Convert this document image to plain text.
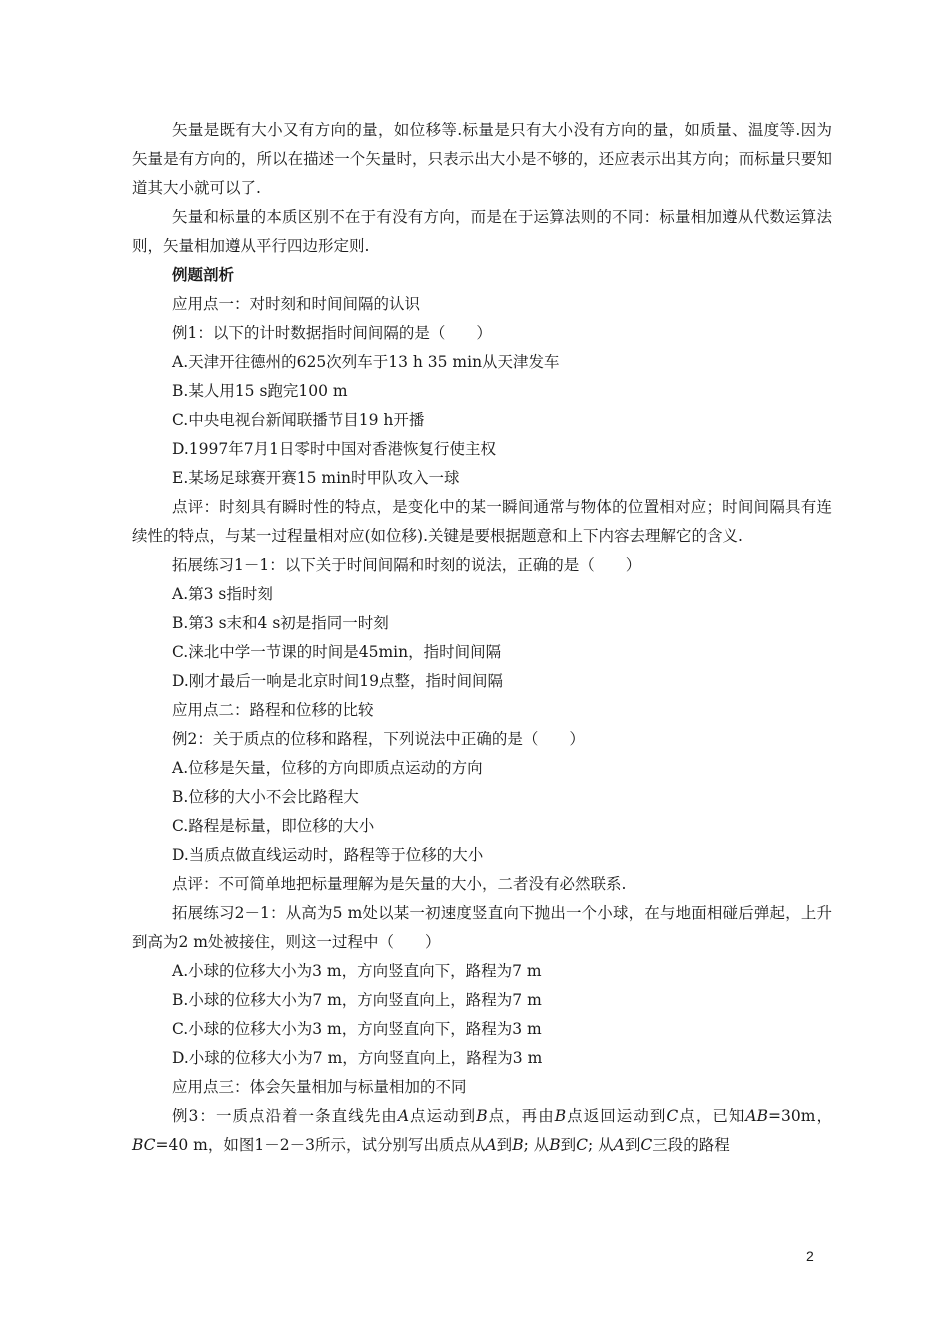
矢量是既有大小又有方向的量，如位移等.标量是只有大小没有方向的量，如质量、温度等.因为矢量是有方向的，所以在描述一个矢量时，只表示出大小是不够的，还应表示出其方向；而标量只要知道其大小就可以了.

矢量和标量的本质区别不在于有没有方向，而是在于运算法则的不同：标量相加遵从代数运算法则，矢量相加遵从平行四边形定则.

例题剖析

应用点一：对时刻和时间间隔的认识

例1：以下的计时数据指时间间隔的是（　　）

A.天津开往德州的625次列车于13 h 35 min从天津发车

B.某人用15 s跑完100 m

C.中央电视台新闻联播节目19 h开播

D.1997年7月1日零时中国对香港恢复行使主权

E.某场足球赛开赛15 min时甲队攻入一球

点评：时刻具有瞬时性的特点，是变化中的某一瞬间通常与物体的位置相对应；时间间隔具有连续性的特点，与某一过程量相对应(如位移).关键是要根据题意和上下内容去理解它的含义.

拓展练习1－1：以下关于时间间隔和时刻的说法，正确的是（　　）

A.第3 s指时刻

B.第3 s末和4 s初是指同一时刻

C.涞北中学一节课的时间是45min，指时间间隔

D.刚才最后一响是北京时间19点整，指时间间隔

应用点二：路程和位移的比较

例2：关于质点的位移和路程，下列说法中正确的是（　　）

A.位移是矢量，位移的方向即质点运动的方向

B.位移的大小不会比路程大

C.路程是标量，即位移的大小

D.当质点做直线运动时，路程等于位移的大小

点评：不可简单地把标量理解为是矢量的大小，二者没有必然联系.

拓展练习2－1：从高为5 m处以某一初速度竖直向下抛出一个小球，在与地面相碰后弹起，上升到高为2 m处被接住，则这一过程中（　　）

A.小球的位移大小为3 m，方向竖直向下，路程为7 m

B.小球的位移大小为7 m，方向竖直向上，路程为7 m

C.小球的位移大小为3 m，方向竖直向下，路程为3 m

D.小球的位移大小为7 m，方向竖直向上，路程为3 m

应用点三：体会矢量相加与标量相加的不同

例3：一质点沿着一条直线先由A点运动到B点，再由B点返回运动到C点，已知AB=30m，BC=40 m，如图1－2－3所示，试分别写出质点从A到B; 从B到C; 从A到C三段的路程

2
